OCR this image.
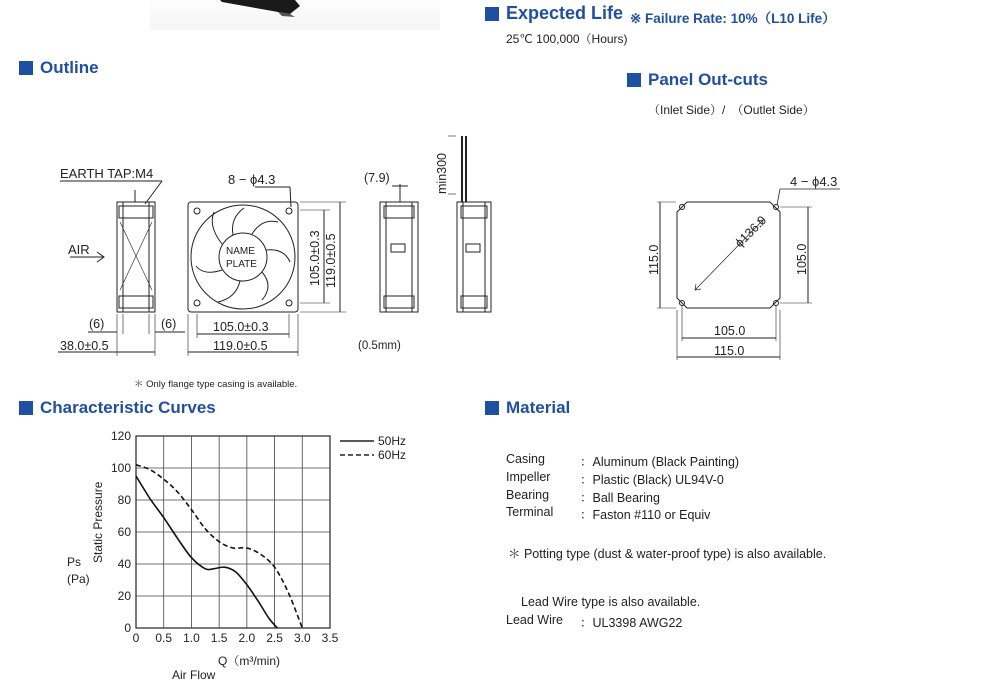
Expected Life ※ Failure Rate: 10%（L10 Life）
25℃ 100,000（Hours)
Outline
Panel Out-cuts
（Inlet Side）/　（Outlet Side）
EARTH TAP:M4
AIR
8 − ϕ4.3
NAME
PLATE	105.0±0.3 119.0±0.5
105.0±0.3
119.0±0.5
(6)	(6)
38.0±0.5
(7.9)	min300
(0.5mm)
＊ Only flange type casing is available.
4 − ϕ4.3
ϕ136.0
115.0	105.0
105.0
115.0
Characteristic Curves
0 0.5 1.0 1.5 2.0 2.5 3.0 3.5
0
20
40
60
80
100
120
Static Pressure
Ps
(Pa)
Q（m³/min)
Air Flow
50Hz
60Hz
Material
Casing	：Aluminum (Black Painting)
Impeller ：Plastic (Black) UL94V-0
Bearing ：Ball Bearing
Terminal ：Faston #110 or Equiv
＊ Potting type (dust & water-proof type) is also available.
Lead Wire type is also available.
Lead Wire ：UL3398 AWG22
